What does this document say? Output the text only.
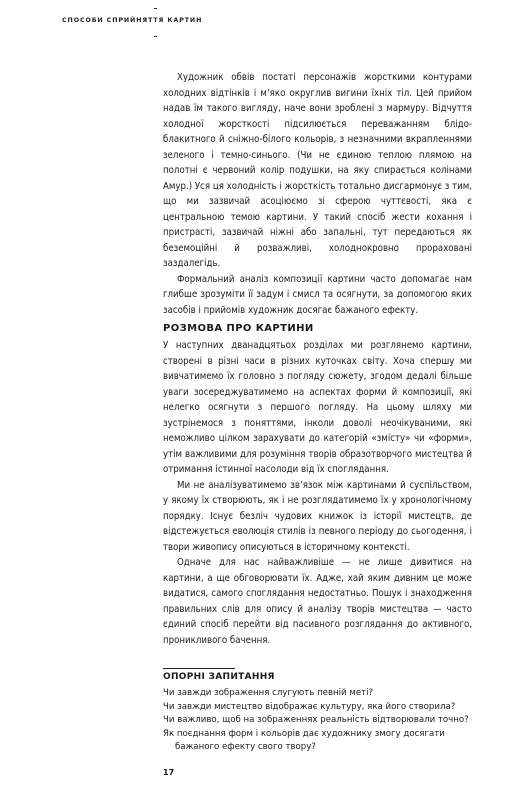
СПОСОБИ СПРИЙНЯТТЯ КАРТИН

Художник обвів постаті персонажів жорсткими контурами холодних відтінків і м’яко округлив вигини їхніх тіл. Цей прийом надав їм такого вигляду, наче вони зроблені з мармуру. Відчуття холодної жорсткості підсилюється переважанням блідо-блакитного й сніжно-білого кольорів, з незначними вкрапленнями зеленого і темно-синього. (Чи не єдиною теплою плямою на полотні є червоний колір подушки, на яку спирається колінами Амур.) Уся ця холодність і жорсткість тотально дисгармонує з тим, що ми зазвичай асоціюємо зі сферою чуттєвості, яка є центральною темою картини. У такий спосіб жести кохання і пристрасті, зазвичай ніжні або запальні, тут передаються як беземоційні й розважливі, холоднокровно прораховані заздалегідь.

Формальний аналіз композиції картини часто допомагає нам глибше зрозуміти її задум і смисл та осягнути, за допомогою яких засобів і прийомів художник досягає бажаного ефекту.

РОЗМОВА ПРО КАРТИНИ

У наступних дванадцятьох розділах ми розглянемо картини, створені в різні часи в різних куточках світу. Хоча спершу ми вивчатимемо їх головно з погляду сюжету, згодом дедалі більше уваги зосереджуватимемо на аспектах форми й композиції, які нелегко осягнути з першого погляду. На цьому шляху ми зустрінемося з поняттями, інколи доволі неочікуваними, які неможливо цілком зарахувати до категорій «змісту» чи «форми», утім важливими для розуміння творів образотворчого мистецтва й отримання істинної насолоди від їх споглядання.

Ми не аналізуватимемо зв’язок між картинами й суспільством, у якому їх створюють, як і не розглядатимемо їх у хронологічному порядку. Існує безліч чудових книжок із історії мистецтв, де відстежується еволюція стилів із певного періоду до сьогодення, і твори живопису описуються в історичному контексті.

Одначе для нас найважливіше — не лише дивитися на картини, а ще обговорювати їх. Адже, хай яким дивним це може видатися, самого споглядання недостатньо. Пошук і знаходження правильних слів для опису й аналізу творів мистецтва — часто єдиний спосіб перейти від пасивного розглядання до активного, проникливого бачення.

ОПОРНІ ЗАПИТАННЯ

Чи завжди зображення слугують певній меті?

Чи завжди мистецтво відображає культуру, яка його створила?

Чи важливо, щоб на зображеннях реальність відтворювали точно?

Як поєднання форм і кольорів дає художнику змогу досягати бажаного ефекту свого твору?

17
